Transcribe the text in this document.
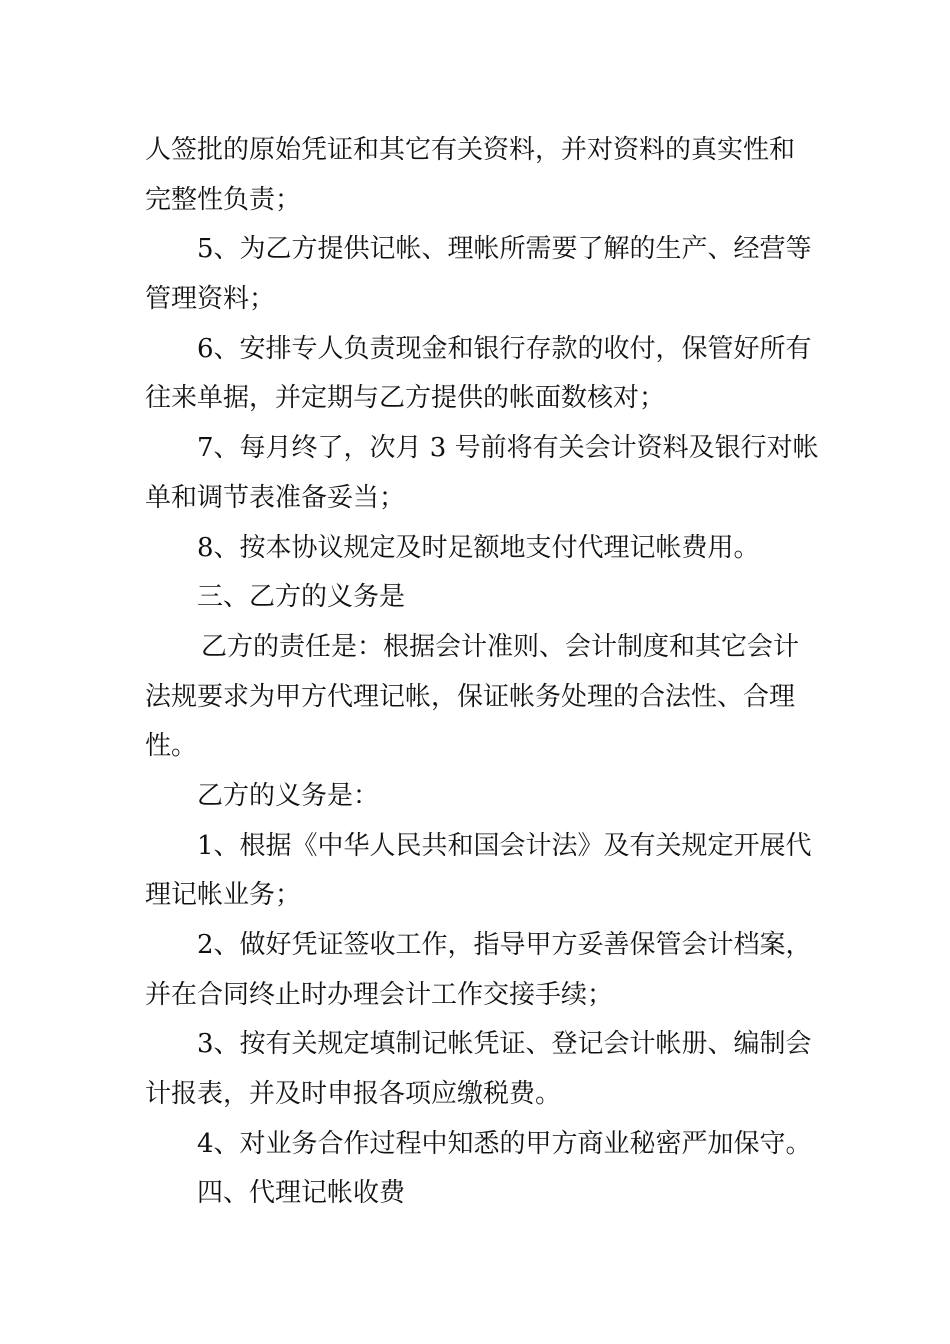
人签批的原始凭证和其它有关资料，并对资料的真实性和
完整性负责；
5、为乙方提供记帐、理帐所需要了解的生产、经营等
管理资料；
6、安排专人负责现金和银行存款的收付，保管好所有
往来单据，并定期与乙方提供的帐面数核对；
7、每月终了，次月 3 号前将有关会计资料及银行对帐
单和调节表准备妥当；
8、按本协议规定及时足额地支付代理记帐费用。
三、乙方的义务是
乙方的责任是：根据会计准则、会计制度和其它会计
法规要求为甲方代理记帐，保证帐务处理的合法性、合理
性。
乙方的义务是：
1、根据《中华人民共和国会计法》及有关规定开展代
理记帐业务；
2、做好凭证签收工作，指导甲方妥善保管会计档案，
并在合同终止时办理会计工作交接手续；
3、按有关规定填制记帐凭证、登记会计帐册、编制会
计报表，并及时申报各项应缴税费。
4、对业务合作过程中知悉的甲方商业秘密严加保守。
四、代理记帐收费
